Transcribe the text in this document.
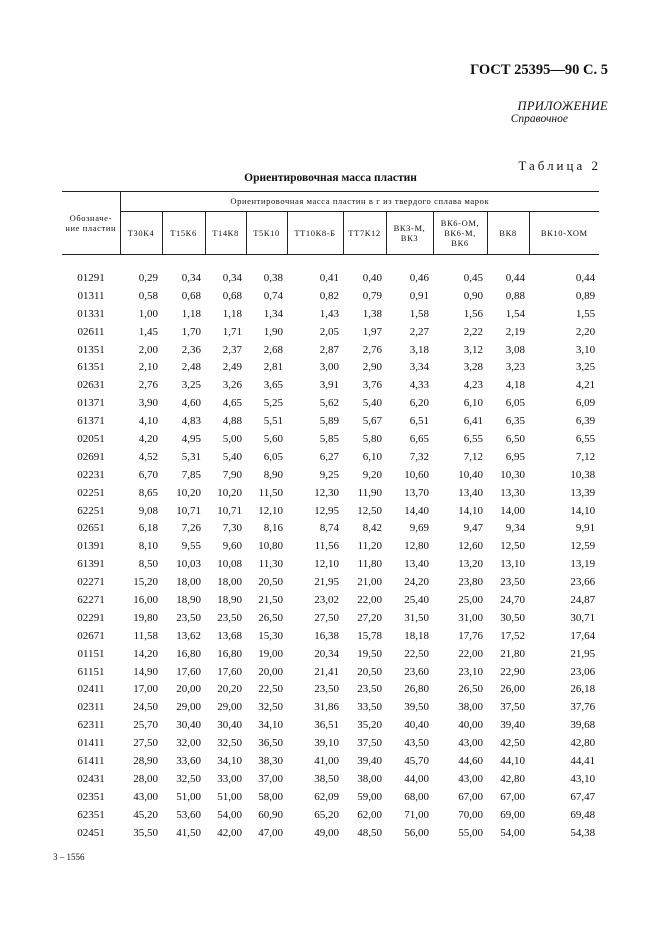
ГОСТ 25395—90 С. 5
ПРИЛОЖЕНИЕ
Справочное
Таблица 2
Ориентировочная масса пластин
Обозначе-ние пластин	Ориентировочная масса пластин в г из твердого сплава марок									
	Т30К4	Т15К6	Т14К8	Т5К10	ТТ10К8-Б	ТТ7К12	ВК3-М, ВК3	ВК6-ОМ, ВК6-М, ВК6	ВК8	ВК10-ХОМ
01291	0,29	0,34	0,34	0,38	0,41	0,40	0,46	0,45	0,44	0,44
01311	0,58	0,68	0,68	0,74	0,82	0,79	0,91	0,90	0,88	0,89
01331	1,00	1,18	1,18	1,34	1,43	1,38	1,58	1,56	1,54	1,55
02611	1,45	1,70	1,71	1,90	2,05	1,97	2,27	2,22	2,19	2,20
01351	2,00	2,36	2,37	2,68	2,87	2,76	3,18	3,12	3,08	3,10
61351	2,10	2,48	2,49	2,81	3,00	2,90	3,34	3,28	3,23	3,25
02631	2,76	3,25	3,26	3,65	3,91	3,76	4,33	4,23	4,18	4,21
01371	3,90	4,60	4,65	5,25	5,62	5,40	6,20	6,10	6,05	6,09
61371	4,10	4,83	4,88	5,51	5,89	5,67	6,51	6,41	6,35	6,39
02051	4,20	4,95	5,00	5,60	5,85	5,80	6,65	6,55	6,50	6,55
02691	4,52	5,31	5,40	6,05	6,27	6,10	7,32	7,12	6,95	7,12
02231	6,70	7,85	7,90	8,90	9,25	9,20	10,60	10,40	10,30	10,38
02251	8,65	10,20	10,20	11,50	12,30	11,90	13,70	13,40	13,30	13,39
62251	9,08	10,71	10,71	12,10	12,95	12,50	14,40	14,10	14,00	14,10
02651	6,18	7,26	7,30	8,16	8,74	8,42	9,69	9,47	9,34	9,91
01391	8,10	9,55	9,60	10,80	11,56	11,20	12,80	12,60	12,50	12,59
61391	8,50	10,03	10,08	11,30	12,10	11,80	13,40	13,20	13,10	13,19
02271	15,20	18,00	18,00	20,50	21,95	21,00	24,20	23,80	23,50	23,66
62271	16,00	18,90	18,90	21,50	23,02	22,00	25,40	25,00	24,70	24,87
02291	19,80	23,50	23,50	26,50	27,50	27,20	31,50	31,00	30,50	30,71
02671	11,58	13,62	13,68	15,30	16,38	15,78	18,18	17,76	17,52	17,64
01151	14,20	16,80	16,80	19,00	20,34	19,50	22,50	22,00	21,80	21,95
61151	14,90	17,60	17,60	20,00	21,41	20,50	23,60	23,10	22,90	23,06
02411	17,00	20,00	20,20	22,50	23,50	23,50	26,80	26,50	26,00	26,18
02311	24,50	29,00	29,00	32,50	31,86	33,50	39,50	38,00	37,50	37,76
62311	25,70	30,40	30,40	34,10	36,51	35,20	40,40	40,00	39,40	39,68
01411	27,50	32,00	32,50	36,50	39,10	37,50	43,50	43,00	42,50	42,80
61411	28,90	33,60	34,10	38,30	41,00	39,40	45,70	44,60	44,10	44,41
02431	28,00	32,50	33,00	37,00	38,50	38,00	44,00	43,00	42,80	43,10
02351	43,00	51,00	51,00	58,00	62,09	59,00	68,00	67,00	67,00	67,47
62351	45,20	53,60	54,00	60,90	65,20	62,00	71,00	70,00	69,00	69,48
02451	35,50	41,50	42,00	47,00	49,00	48,50	56,00	55,00	54,00	54,38
3 – 1556
